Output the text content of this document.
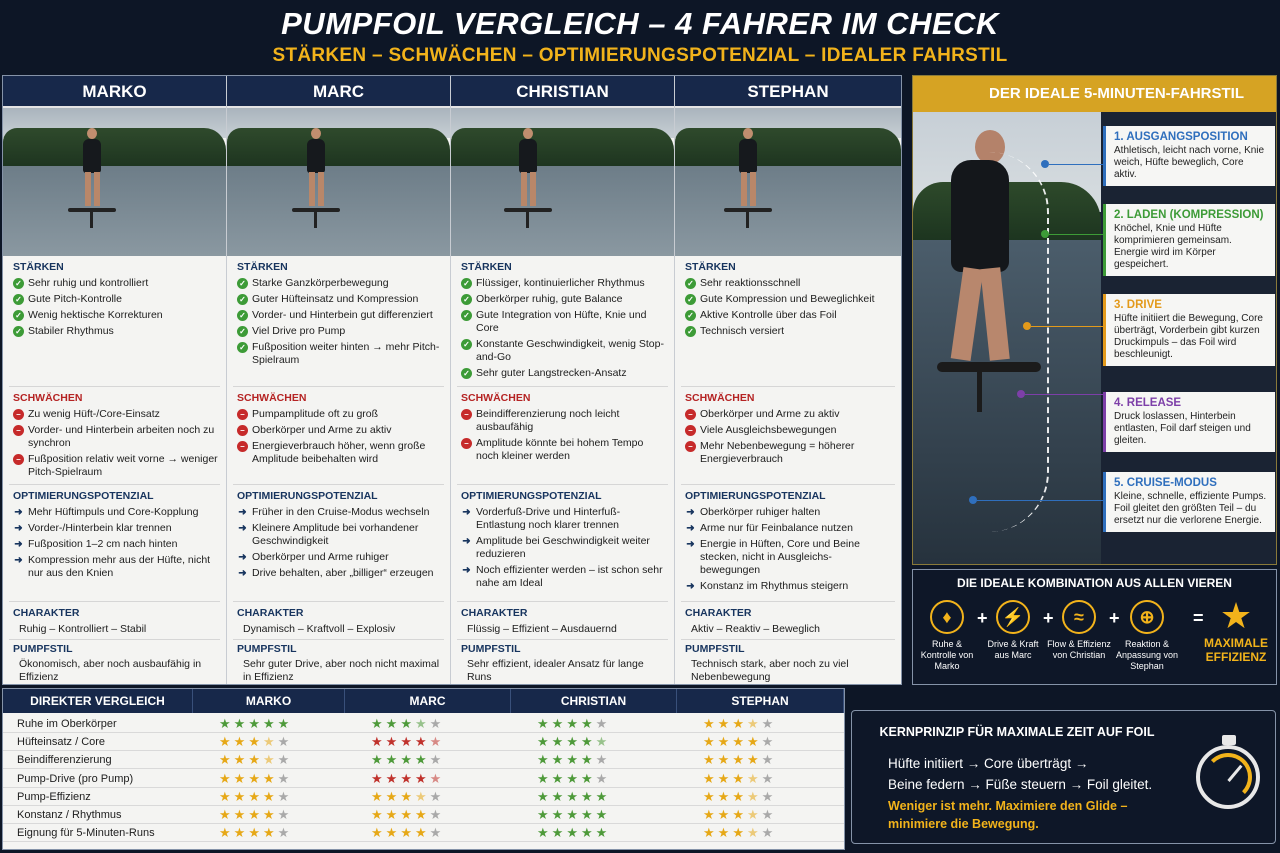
PUMPFOIL VERGLEICH – 4 FAHRER IM CHECK
STÄRKEN – SCHWÄCHEN – OPTIMIERUNGSPOTENZIAL – IDEALER FAHRSTIL
MARKO
STÄRKEN
✓ Sehr ruhig und kontrolliert
✓ Gute Pitch-Kontrolle
✓ Wenig hektische Korrekturen
✓ Stabiler Rhythmus
SCHWÄCHEN
– Zu wenig Hüft-/Core-Einsatz
– Vorder- und Hinterbein arbeiten noch zu synchron
– Fußposition relativ weit vorne → weniger Pitch-Spielraum
OPTIMIERUNGSPOTENZIAL
➜ Mehr Hüftimpuls und Core-Kopplung
➜ Vorder-/Hinterbein klar trennen
➜ Fußposition 1–2 cm nach hinten
➜ Kompression mehr aus der Hüfte, nicht nur aus den Knien
CHARAKTER
Ruhig – Kontrolliert – Stabil
PUMPFSTIL
Ökonomisch, aber noch ausbaufähig in Effizienz
MARC
STÄRKEN
✓ Starke Ganzkörperbewegung
✓ Guter Hüfteinsatz und Kompression
✓ Vorder- und Hinterbein gut differenziert
✓ Viel Drive pro Pump
✓ Fußposition weiter hinten → mehr Pitch-Spielraum
SCHWÄCHEN
– Pumpamplitude oft zu groß
– Oberkörper und Arme zu aktiv
– Energieverbrauch höher, wenn große Amplitude beibehalten wird
OPTIMIERUNGSPOTENZIAL
➜ Früher in den Cruise-Modus wechseln
➜ Kleinere Amplitude bei vorhandener Geschwindigkeit
➜ Oberkörper und Arme ruhiger
➜ Drive behalten, aber „billiger“ erzeugen
CHARAKTER
Dynamisch – Kraftvoll – Explosiv
PUMPFSTIL
Sehr guter Drive, aber noch nicht maximal in Effizienz
CHRISTIAN
STÄRKEN
✓ Flüssiger, kontinuierlicher Rhythmus
✓ Oberkörper ruhig, gute Balance
✓ Gute Integration von Hüfte, Knie und Core
✓ Konstante Geschwindigkeit, wenig Stop-and-Go
✓ Sehr guter Langstrecken-Ansatz
SCHWÄCHEN
– Beindifferenzierung noch leicht ausbaufähig
– Amplitude könnte bei hohem Tempo noch kleiner werden
OPTIMIERUNGSPOTENZIAL
➜ Vorderfuß-Drive und Hinterfuß-Entlastung noch klarer trennen
➜ Amplitude bei Geschwindigkeit weiter reduzieren
➜ Noch effizienter werden – ist schon sehr nahe am Ideal
CHARAKTER
Flüssig – Effizient – Ausdauernd
PUMPFSTIL
Sehr effizient, idealer Ansatz für lange Runs
STEPHAN
STÄRKEN
✓ Sehr reaktionsschnell
✓ Gute Kompression und Beweglichkeit
✓ Aktive Kontrolle über das Foil
✓ Technisch versiert
SCHWÄCHEN
– Oberkörper und Arme zu aktiv
– Viele Ausgleichsbewegungen
– Mehr Nebenbewegung = höherer Energieverbrauch
OPTIMIERUNGSPOTENZIAL
➜ Oberkörper ruhiger halten
➜ Arme nur für Feinbalance nutzen
➜ Energie in Hüften, Core und Beine stecken, nicht in Ausgleichs-bewegungen
➜ Konstanz im Rhythmus steigern
CHARAKTER
Aktiv – Reaktiv – Beweglich
PUMPFSTIL
Technisch stark, aber noch zu viel Nebenbewegung
DIREKTER VERGLEICH	MARKO	MARC	CHRISTIAN	STEPHAN
Ruhe im Oberkörper	★★★★★	★★★★★	★★★★★	★★★★★
Hüfteinsatz / Core	★★★★★	★★★★★	★★★★★	★★★★★
Beindifferenzierung	★★★★★	★★★★★	★★★★★	★★★★★
Pump-Drive (pro Pump)	★★★★★	★★★★★	★★★★★	★★★★★
Pump-Effizienz	★★★★★	★★★★★	★★★★★	★★★★★
Konstanz / Rhythmus	★★★★★	★★★★★	★★★★★	★★★★★
Eignung für 5-Minuten-Runs	★★★★★	★★★★★	★★★★★	★★★★★
DER IDEALE 5-MINUTEN-FAHRSTIL
1. AUSGANGSPOSITION
Athletisch, leicht nach vorne, Knie weich, Hüfte beweglich, Core aktiv.
2. LADEN (KOMPRESSION)
Knöchel, Knie und Hüfte komprimieren gemeinsam. Energie wird im Körper gespeichert.
3. DRIVE
Hüfte initiiert die Bewegung, Core überträgt, Vorderbein gibt kurzen Druckimpuls – das Foil wird beschleunigt.
4. RELEASE
Druck loslassen, Hinterbein entlasten, Foil darf steigen und gleiten.
5. CRUISE-MODUS
Kleine, schnelle, effiziente Pumps. Foil gleitet den größten Teil – du ersetzt nur die verlorene Energie.
DIE IDEALE KOMBINATION AUS ALLEN VIEREN
♦
Ruhe & Kontrolle von Marko
+ ⚡
Drive & Kraft aus Marc
+	≈
Flow & Effizienz von Christian
+	⊕
Reaktion & Anpassung von Stephan
= ★
MAXIMALE EFFIZIENZ
KERNPRINZIP FÜR MAXIMALE ZEIT AUF FOIL
Hüfte initiiert → Core überträgt →
Beine federn → Füße steuern → Foil gleitet.
Weniger ist mehr. Maximiere den Glide –
minimiere die Bewegung.
